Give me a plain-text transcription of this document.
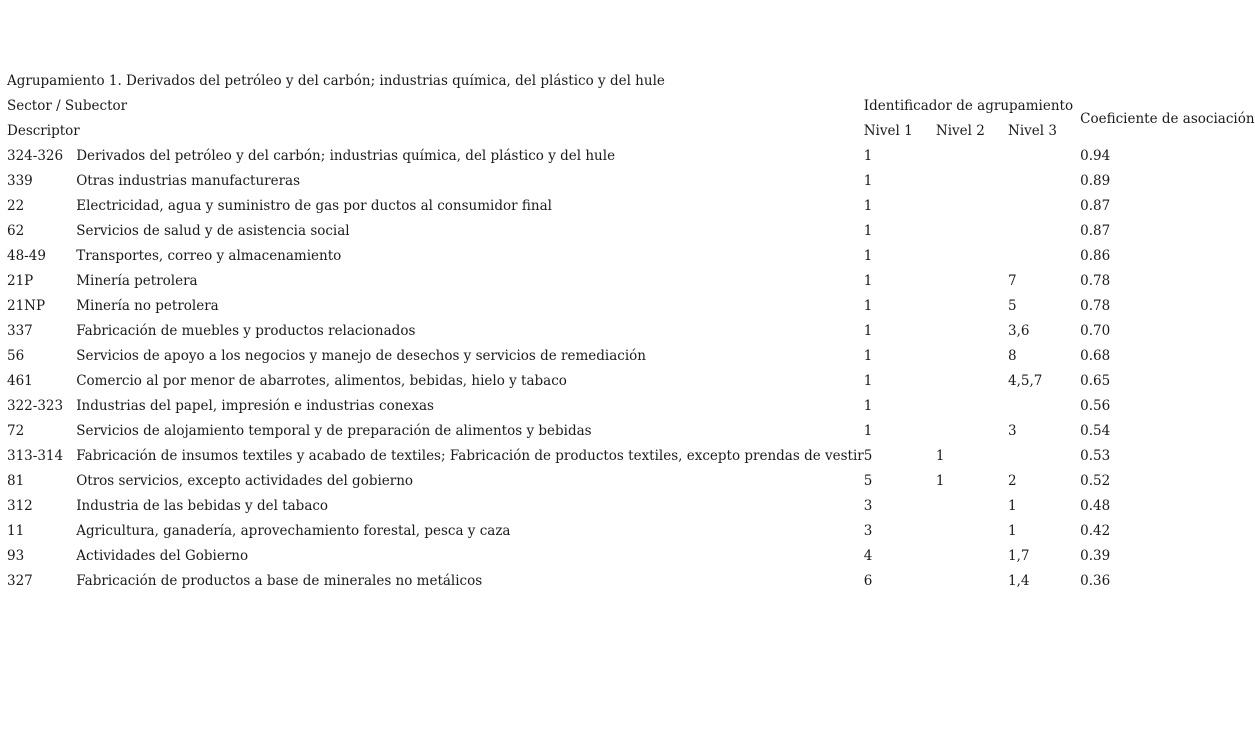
Agrupamiento 1. Derivados del petróleo y del carbón; industrias química, del plástico y del hule					
Sector / Subector		Identificador de agrupamiento			Coeficiente de asociación
Descriptor		Nivel 1	Nivel 2	Nivel 3	
324-326	Derivados del petróleo y del carbón; industrias química, del plástico y del hule	1			0.94
339	Otras industrias manufactureras	1			0.89
22	Electricidad, agua y suministro de gas por ductos al consumidor final	1			0.87
62	Servicios de salud y de asistencia social	1			0.87
48-49	Transportes, correo y almacenamiento	1			0.86
21P	Minería petrolera	1		7	0.78
21NP	Minería no petrolera	1		5	0.78
337	Fabricación de muebles y productos relacionados	1		3,6	0.70
56	Servicios de apoyo a los negocios y manejo de desechos y servicios de remediación	1		8	0.68
461	Comercio al por menor de abarrotes, alimentos, bebidas, hielo y tabaco	1		4,5,7	0.65
322-323	Industrias del papel, impresión e industrias conexas	1			0.56
72	Servicios de alojamiento temporal y de preparación de alimentos y bebidas	1		3	0.54
313-314	Fabricación de insumos textiles y acabado de textiles; Fabricación de productos textiles, excepto prendas de vestir	5	1		0.53
81	Otros servicios, excepto actividades del gobierno	5	1	2	0.52
312	Industria de las bebidas y del tabaco	3		1	0.48
11	Agricultura, ganadería, aprovechamiento forestal, pesca y caza	3		1	0.42
93	Actividades del Gobierno	4		1,7	0.39
327	Fabricación de productos a base de minerales no metálicos	6		1,4	0.36
